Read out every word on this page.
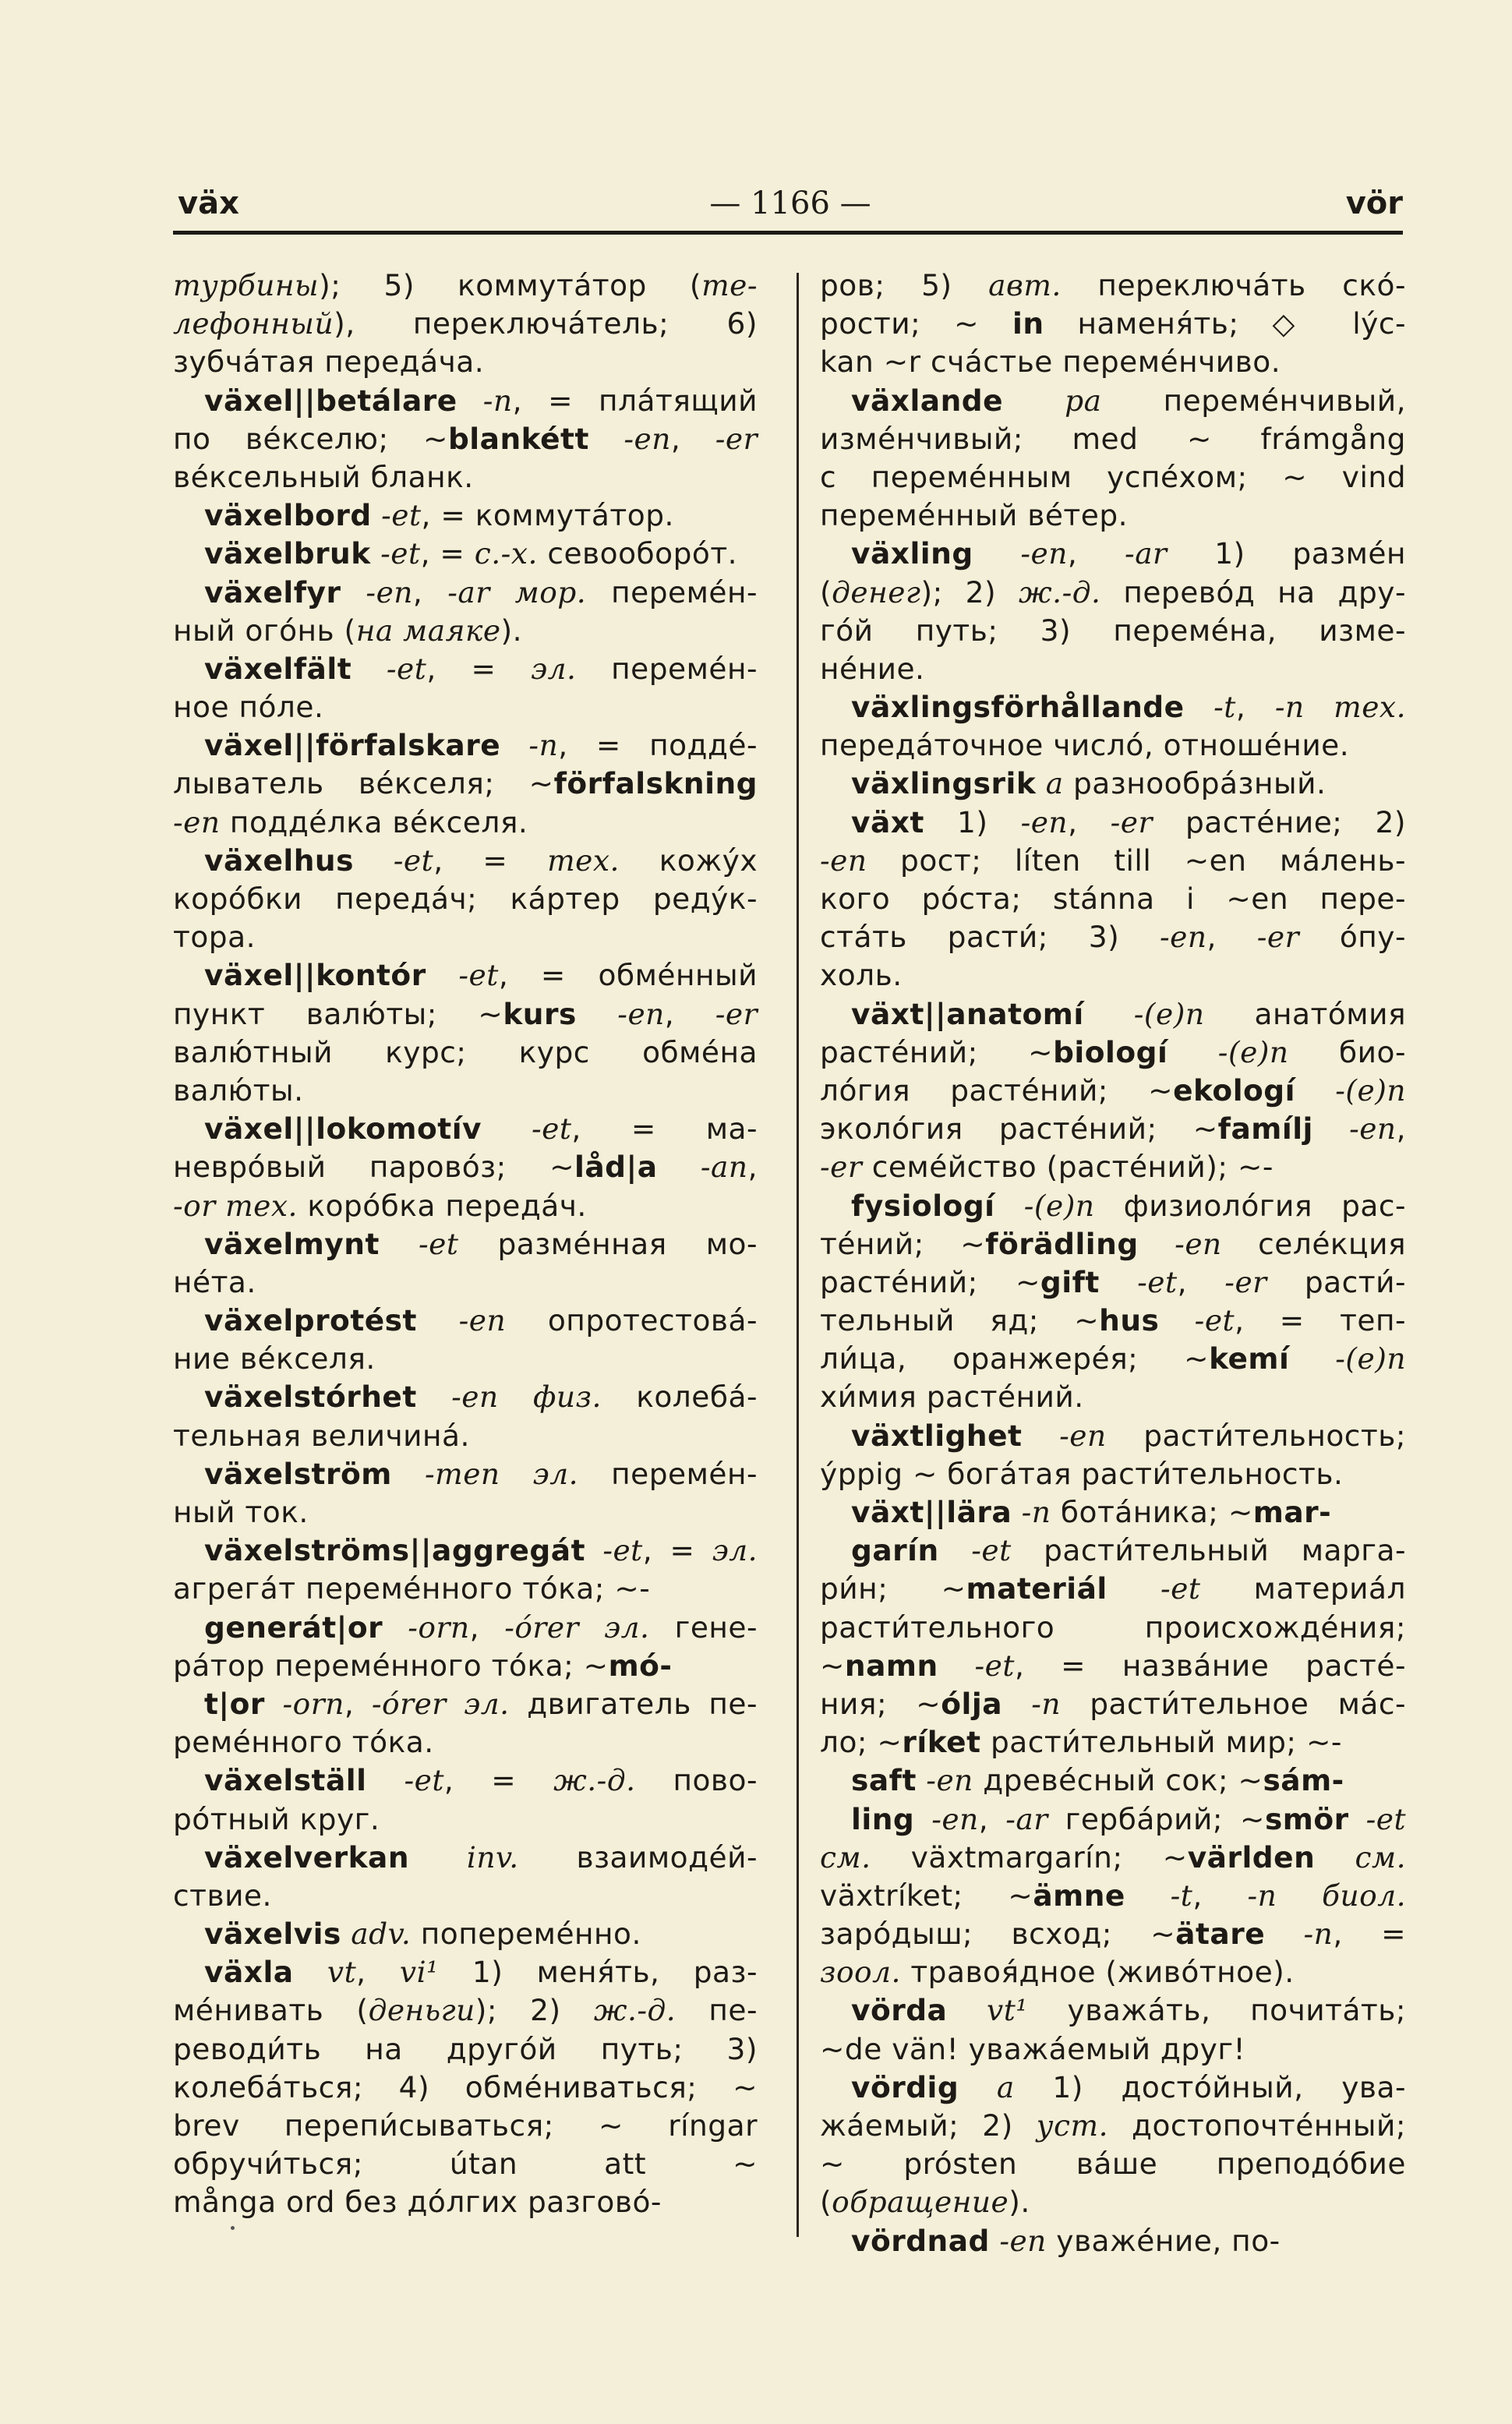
väx	— 1166 —	vör
турбины); 5) коммута́тор (те-
лефонный), переключа́тель; 6)
зубча́тая переда́ча.
växel||betálare -n, = пла́тящий
по ве́кселю; ~blankétt -en, -er
ве́ксельный бланк.
växelbord -et, = коммута́тор.
växelbruk -et, = с.-х. севооборо́т.
växelfyr -en, -ar мор. переме́н-
ный ого́нь (на маяке).
växelfält -et, = эл. переме́н-
ное по́ле.
växel||förfalskare -n, = подде́-
лыватель ве́кселя; ~förfalskning
-en подде́лка ве́кселя.
växelhus -et, = тех. кожу́х
коро́бки переда́ч; ка́ртер реду́к-
тора.
växel||kontór -et, = обме́нный
пункт валю́ты; ~kurs -en, -er
валю́тный курс; курс обме́на
валю́ты.
växel||lokomotív -et, = ма-
невро́вый парово́з; ~låd|a -an,
-or тех. коро́бка переда́ч.
växelmynt -et разме́нная мо-
не́та.
växelprotést -en опротестова́-
ние ве́кселя.
växelstórhet -en физ. колеба́-
тельная величина́.
växelström -men эл. переме́н-
ный ток.
växelströms||aggregát -et, = эл.
агрега́т переме́нного то́ка; ~-
generát|or -orn, -órer эл. гене-
ра́тор переме́нного то́ка; ~mó-
t|or -orn, -órer эл. двигатель пе-
реме́нного то́ка.
växelställ -et, = ж.-д. пово-
ро́тный круг.
växelverkan inv. взаимоде́й-
ствие.
växelvis adv. попереме́нно.
växla vt, vi¹ 1) меня́ть, раз-
ме́нивать (деньги); 2) ж.-д. пе-
реводи́ть на друго́й путь; 3)
колеба́ться; 4) обме́ниваться; ~
brev перепи́сываться; ~ ríngar
обручи́ться; útan att ~
många ord без до́лгих разгово́-
ров; 5) авт. переключа́ть ско́-
рости; ~ in наменя́ть; ◇ lýc-
kan ~r сча́стье переме́нчиво.
växlande pa переме́нчивый,
изме́нчивый; med ~ frámgång
с переме́нным успе́хом; ~ vind
переме́нный ве́тер.
växling -en, -ar 1) разме́н
(денег); 2) ж.-д. перево́д на дру-
го́й путь; 3) переме́на, изме-
не́ние.
växlingsförhållande -t, -n тех.
переда́точное число́, отноше́ние.
växlingsrik a разнообра́зный.
växt 1) -en, -er расте́ние; 2)
-en рост; líten till ~en ма́лень-
кого ро́ста; stánna i ~en пере-
ста́ть расти́; 3) -en, -er о́пу-
холь.
växt||anatomí -(e)n анато́мия
расте́ний; ~biologí -(e)n био-
ло́гия расте́ний; ~ekologí -(e)n
эколо́гия расте́ний; ~famílj -en,
-er семе́йство (расте́ний); ~-
fysiologí -(e)n физиоло́гия рас-
те́ний; ~förädling -en селе́кция
расте́ний; ~gift -et, -er расти́-
тельный яд; ~hus -et, = теп-
ли́ца, оранжере́я; ~kemí -(e)n
хи́мия расте́ний.
växtlighet -en расти́тельность;
ýppig ~ бога́тая расти́тельность.
växt||lära -n бота́ника; ~mar-
garín -et расти́тельный марга-
ри́н; ~materiál -et материа́л
расти́тельного происхожде́ния;
~namn -et, = назва́ние расте́-
ния; ~ólja -n расти́тельное ма́с-
ло; ~ríket расти́тельный мир; ~-
saft -en древе́сный сок; ~sám-
ling -en, -ar герба́рий; ~smör -et
см. växtmargarín; ~världen см.
växtríket; ~ämne -t, -n биол.
заро́дыш; всход; ~ätare -n, =
зоол. травоя́дное (живо́тное).
vörda vt¹ уважа́ть, почита́ть;
~de vän! уважа́емый друг!
vördig a 1) досто́йный, ува-
жа́емый; 2) уст. достопочте́нный;
~ prósten ва́ше преподо́бие
(обращение).
vördnad -en уваже́ние, по-
